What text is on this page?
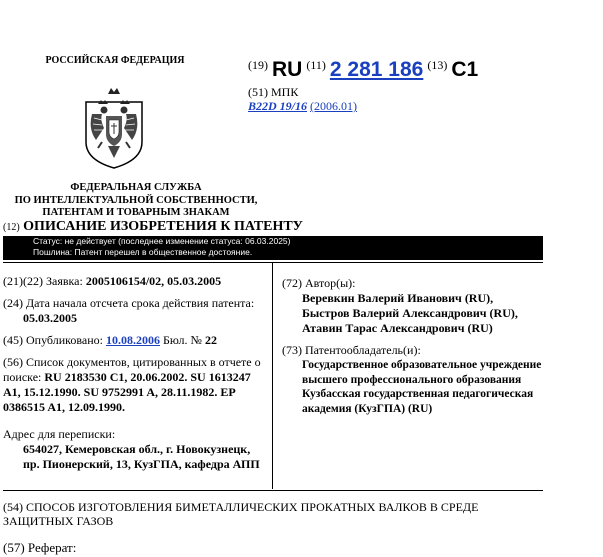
РОССИЙСКАЯ ФЕДЕРАЦИЯ
ФЕДЕРАЛЬНАЯ СЛУЖБА
ПО ИНТЕЛЛЕКТУАЛЬНОЙ СОБСТВЕННОСТИ,
ПАТЕНТАМ И ТОВАРНЫМ ЗНАКАМ
$^{(19)}$ RU $^{(11)}$ 2 281 186 $^{(13)}$ C1
(51) МПК
B22D 19/16 (2006.01)
(12) ОПИСАНИЕ ИЗОБРЕТЕНИЯ К ПАТЕНТУ
Статус: не действует (последнее изменение статуса: 06.03.2025)
Пошлина: Патент перешел в общественное достояние.
(21)(22) Заявка: 2005106154/02, 05.03.2005
(24) Дата начала отсчета срока действия патента:
05.03.2005
(45) Опубликовано: 10.08.2006 Бюл. № 22
(56) Список документов, цитированных в отчете о поиске: RU 2183530 C1, 20.06.2002. SU 1613247 A1, 15.12.1990. SU 9752991 A, 28.11.1982. EP 0386515 A1, 12.09.1990.
Адрес для переписки:
654027, Кемеровская обл., г. Новокузнецк, пр. Пионерский, 13, КузГПА, кафедра АПП
(72) Автор(ы):
Веревкин Валерий Иванович (RU),
Быстров Валерий Александрович (RU),
Атавин Тарас Александрович (RU)
(73) Патентообладатель(и):
Государственное образовательное учреждение высшего профессионального образования Кузбасская государственная педагогическая академия (КузГПА) (RU)
(54) СПОСОБ ИЗГОТОВЛЕНИЯ БИМЕТАЛЛИЧЕСКИХ ПРОКАТНЫХ ВАЛКОВ В СРЕДЕ ЗАЩИТНЫХ ГАЗОВ
(57) Реферат:
